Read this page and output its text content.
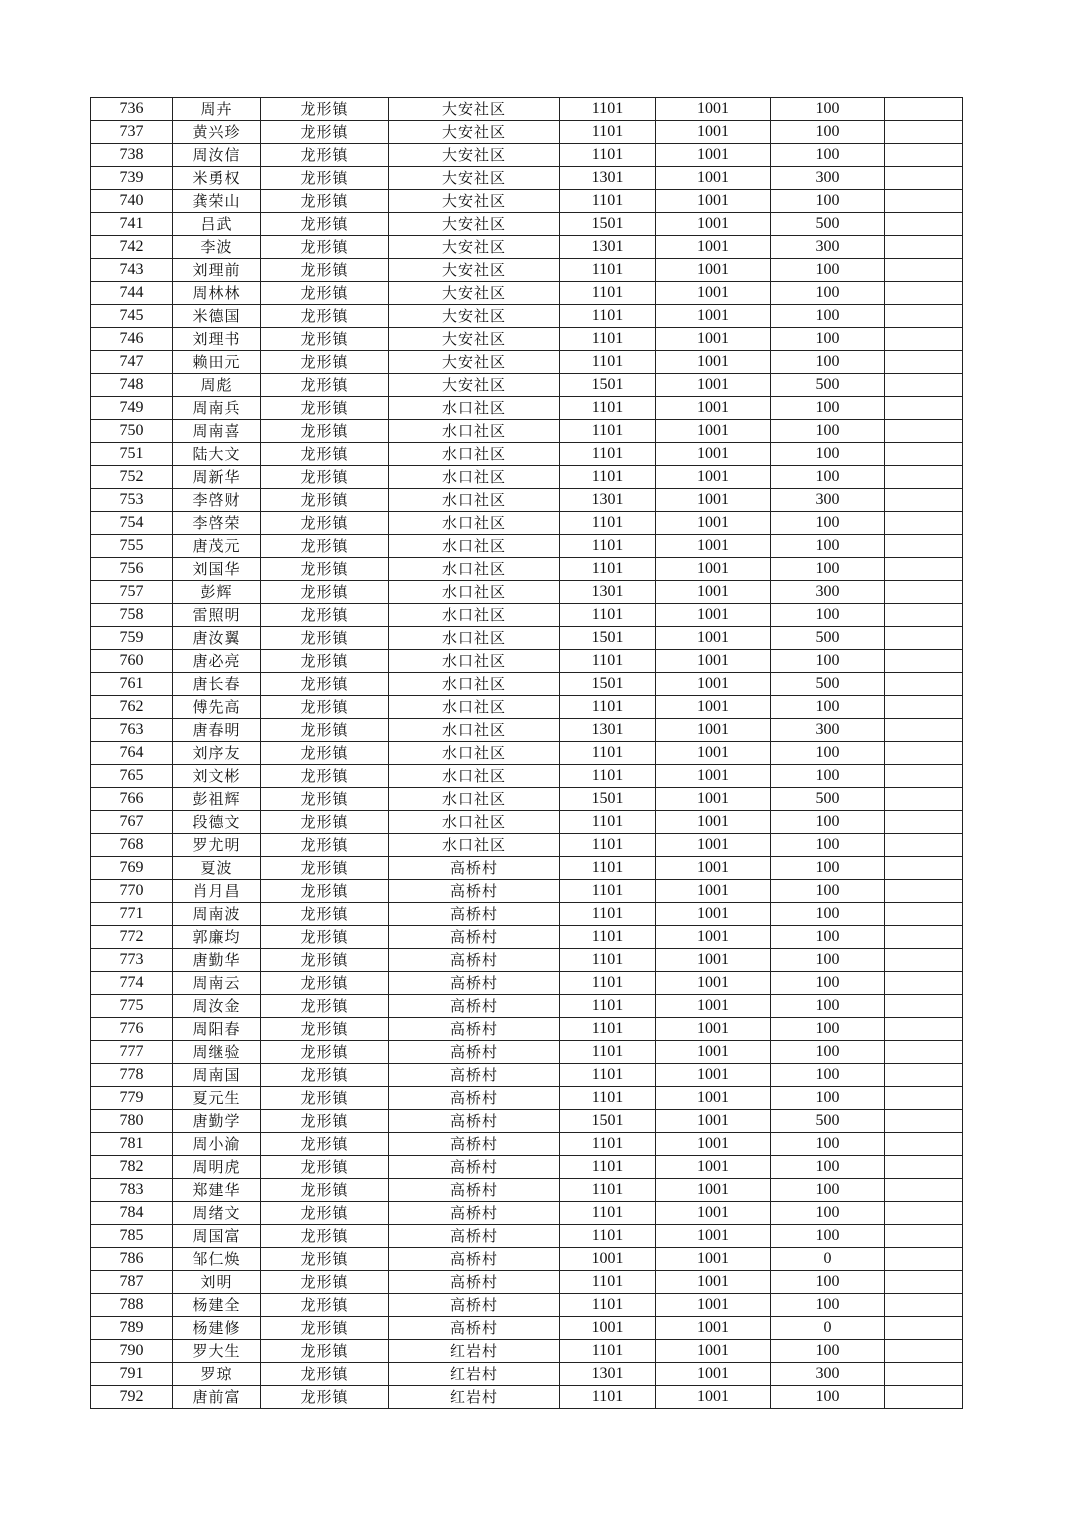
736	周卉	龙形镇	大安社区	1101	1001	100	
737	黄兴珍	龙形镇	大安社区	1101	1001	100	
738	周汝信	龙形镇	大安社区	1101	1001	100	
739	米勇权	龙形镇	大安社区	1301	1001	300	
740	龚荣山	龙形镇	大安社区	1101	1001	100	
741	吕武	龙形镇	大安社区	1501	1001	500	
742	李波	龙形镇	大安社区	1301	1001	300	
743	刘理前	龙形镇	大安社区	1101	1001	100	
744	周林林	龙形镇	大安社区	1101	1001	100	
745	米德国	龙形镇	大安社区	1101	1001	100	
746	刘理书	龙形镇	大安社区	1101	1001	100	
747	赖田元	龙形镇	大安社区	1101	1001	100	
748	周彪	龙形镇	大安社区	1501	1001	500	
749	周南兵	龙形镇	水口社区	1101	1001	100	
750	周南喜	龙形镇	水口社区	1101	1001	100	
751	陆大文	龙形镇	水口社区	1101	1001	100	
752	周新华	龙形镇	水口社区	1101	1001	100	
753	李啓财	龙形镇	水口社区	1301	1001	300	
754	李啓荣	龙形镇	水口社区	1101	1001	100	
755	唐茂元	龙形镇	水口社区	1101	1001	100	
756	刘国华	龙形镇	水口社区	1101	1001	100	
757	彭辉	龙形镇	水口社区	1301	1001	300	
758	雷照明	龙形镇	水口社区	1101	1001	100	
759	唐汝翼	龙形镇	水口社区	1501	1001	500	
760	唐必亮	龙形镇	水口社区	1101	1001	100	
761	唐长春	龙形镇	水口社区	1501	1001	500	
762	傅先高	龙形镇	水口社区	1101	1001	100	
763	唐春明	龙形镇	水口社区	1301	1001	300	
764	刘序友	龙形镇	水口社区	1101	1001	100	
765	刘文彬	龙形镇	水口社区	1101	1001	100	
766	彭祖辉	龙形镇	水口社区	1501	1001	500	
767	段德文	龙形镇	水口社区	1101	1001	100	
768	罗尤明	龙形镇	水口社区	1101	1001	100	
769	夏波	龙形镇	高桥村	1101	1001	100	
770	肖月昌	龙形镇	高桥村	1101	1001	100	
771	周南波	龙形镇	高桥村	1101	1001	100	
772	郭廉均	龙形镇	高桥村	1101	1001	100	
773	唐勤华	龙形镇	高桥村	1101	1001	100	
774	周南云	龙形镇	高桥村	1101	1001	100	
775	周汝金	龙形镇	高桥村	1101	1001	100	
776	周阳春	龙形镇	高桥村	1101	1001	100	
777	周继验	龙形镇	高桥村	1101	1001	100	
778	周南国	龙形镇	高桥村	1101	1001	100	
779	夏元生	龙形镇	高桥村	1101	1001	100	
780	唐勤学	龙形镇	高桥村	1501	1001	500	
781	周小渝	龙形镇	高桥村	1101	1001	100	
782	周明虎	龙形镇	高桥村	1101	1001	100	
783	郑建华	龙形镇	高桥村	1101	1001	100	
784	周绪文	龙形镇	高桥村	1101	1001	100	
785	周国富	龙形镇	高桥村	1101	1001	100	
786	邹仁焕	龙形镇	高桥村	1001	1001	0	
787	刘明	龙形镇	高桥村	1101	1001	100	
788	杨建全	龙形镇	高桥村	1101	1001	100	
789	杨建修	龙形镇	高桥村	1001	1001	0	
790	罗大生	龙形镇	红岩村	1101	1001	100	
791	罗琼	龙形镇	红岩村	1301	1001	300	
792	唐前富	龙形镇	红岩村	1101	1001	100	
